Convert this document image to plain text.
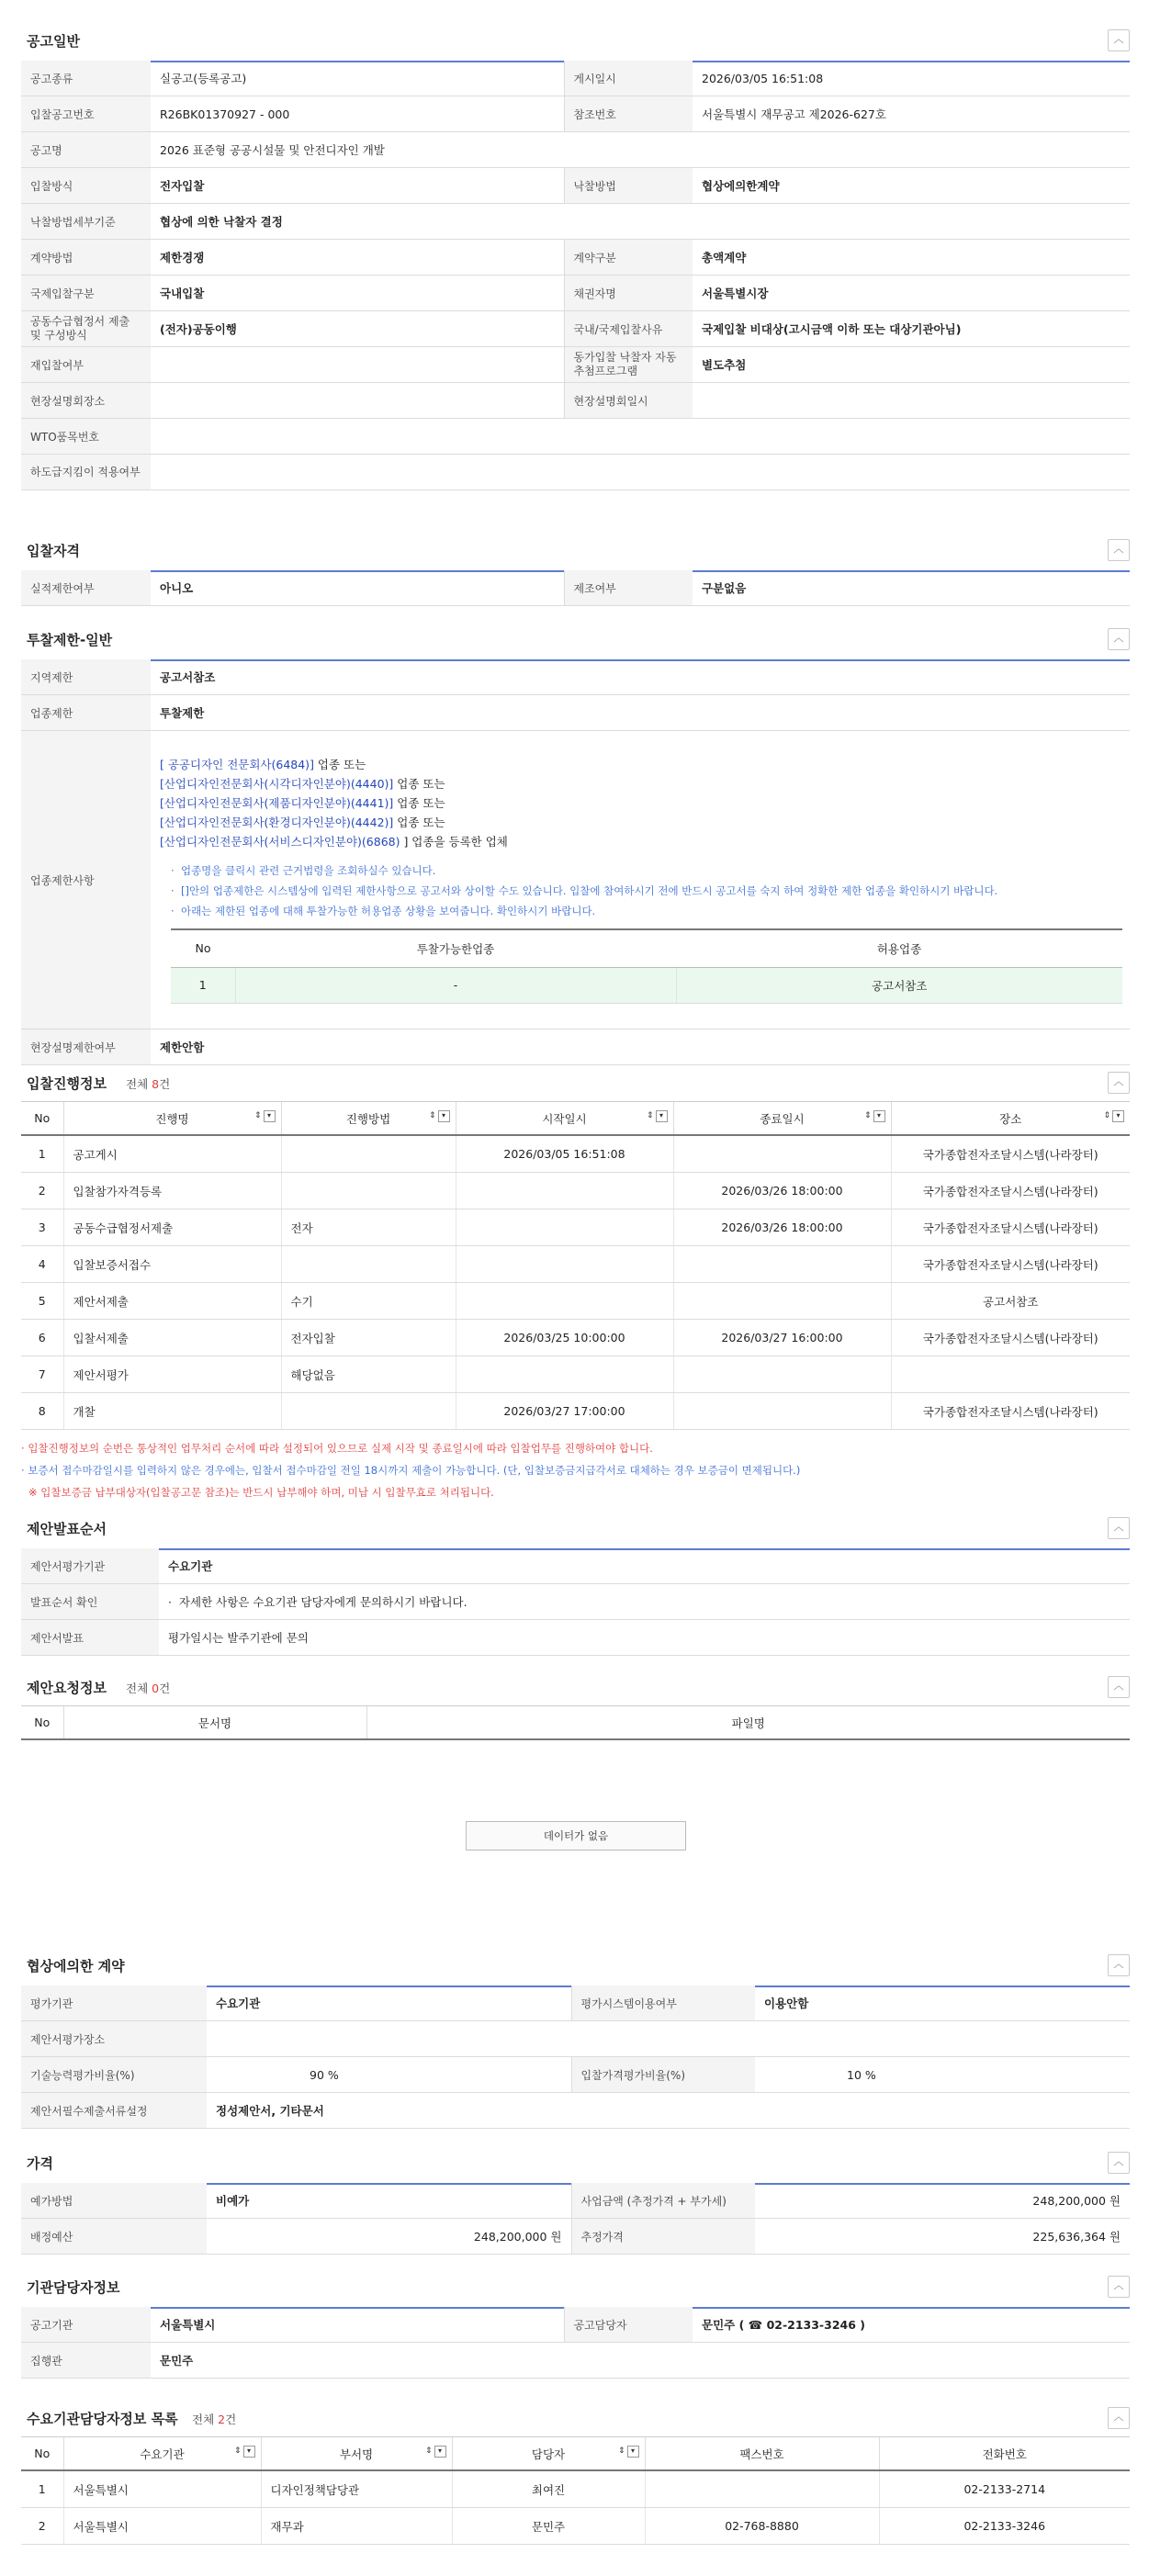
공고일반	︿
공고종류	실공고(등록공고)	게시일시	2026/03/05 16:51:08
입찰공고번호	R26BK01370927 - 000	참조번호	서울특별시 재무공고 제2026-627호
공고명	2026 표준형 공공시설물 및 안전디자인 개발		
입찰방식	전자입찰	낙찰방법	협상에의한계약
낙찰방법세부기준	협상에 의한 낙찰자 결정		
계약방법	제한경쟁	계약구분	총액계약
국제입찰구분	국내입찰	채권자명	서울특별시장
공동수급협정서 제출 및 구성방식	(전자)공동이행	국내/국제입찰사유	국제입찰 비대상(고시금액 이하 또는 대상기관아님)
재입찰여부		동가입찰 낙찰자 자동추첨프로그램	별도추첨
현장설명회장소		현장설명회일시	
WTO품목번호			
하도급지킴이 적용여부			
입찰자격	︿
실적제한여부	아니오	제조여부	구분없음
투찰제한-일반	︿
지역제한	공고서참조
업종제한	투찰제한
업종제한사항	
[ 공공디자인 전문회사(6484)] 업종 또는
[산업디자인전문회사(시각디자인분야)(4440)] 업종 또는
[산업디자인전문회사(제품디자인분야)(4441)] 업종 또는
[산업디자인전문회사(환경디자인분야)(4442)] 업종 또는
[산업디자인전문회사(서비스디자인분야)(6868) ] 업종을 등록한 업체
·  업종명을 클릭시 관련 근거법령을 조회하실수 있습니다.
·  []안의 업종제한은 시스템상에 입력된 제한사항으로 공고서와 상이할 수도 있습니다. 입찰에 참여하시기 전에 반드시 공고서를 숙지 하여 정확한 제한 업종을 확인하시기 바랍니다.
·  아래는 제한된 업종에 대해 투찰가능한 허용업종 상황을 보여줍니다. 확인하시기 바랍니다.
No	투찰가능한업종	허용업종
1	-	공고서참조

현장설명제한여부	제한안함
입찰진행정보 전체 8건	︿
No	진행명 ⇕ ▾	진행방법 ⇕ ▾	시작일시 ⇕ ▾	종료일시 ⇕ ▾	장소 ⇕ ▾

1	공고게시		2026/03/05 16:51:08		국가종합전자조달시스템(나라장터)
2	입찰참가자격등록			2026/03/26 18:00:00	국가종합전자조달시스템(나라장터)
3	공동수급협정서제출	전자		2026/03/26 18:00:00	국가종합전자조달시스템(나라장터)
4	입찰보증서접수				국가종합전자조달시스템(나라장터)
5	제안서제출	수기			공고서참조
6	입찰서제출	전자입찰	2026/03/25 10:00:00	2026/03/27 16:00:00	국가종합전자조달시스템(나라장터)
7	제안서평가	해당없음			
8	개찰		2026/03/27 17:00:00		국가종합전자조달시스템(나라장터)
· 입찰진행정보의 순번은 통상적인 업무처리 순서에 따라 설정되어 있으므로 실제 시작 및 종료일시에 따라 입찰업무를 진행하여야 합니다.
· 보증서 접수마감일시를 입력하지 않은 경우에는, 입찰서 접수마감일 전일 18시까지 제출이 가능합니다. (단, 입찰보증금지급각서로 대체하는 경우 보증금이 면제됩니다.)
※ 입찰보증금 납부대상자(입찰공고문 참조)는 반드시 납부해야 하며, 미납 시 입찰무효로 처리됩니다.
제안발표순서	︿
제안서평가기관	수요기관
발표순서 확인	·  자세한 사항은 수요기관 담당자에게 문의하시기 바랍니다.
제안서발표	평가일시는 발주기관에 문의
제안요청정보 전체 0건	︿
No	문서명	파일명
데이터가 없음
협상에의한 계약	︿
평가기관	수요기관	평가시스템이용여부	이용안함
제안서평가장소			
기술능력평가비율(%)	90 %	입찰가격평가비율(%)	10 %
제안서필수제출서류설정	정성제안서, 기타문서		
가격	︿
예가방법	비예가	사업금액 (추정가격 + 부가세)	248,200,000 원
배정예산	248,200,000 원	추정가격	225,636,364 원
기관담당자정보	︿
공고기관	서울특별시	공고담당자	문민주 ( ☎ 02-2133-3246 )
집행관	문민주		
수요기관담당자정보 목록 전체 2건	︿
No	수요기관 ⇕ ▾	부서명 ⇕ ▾	담당자 ⇕ ▾	팩스번호	전화번호
1	서울특별시	디자인정책담당관	최여진		02-2133-2714
2	서울특별시	재무과	문민주	02-768-8880	02-2133-3246
